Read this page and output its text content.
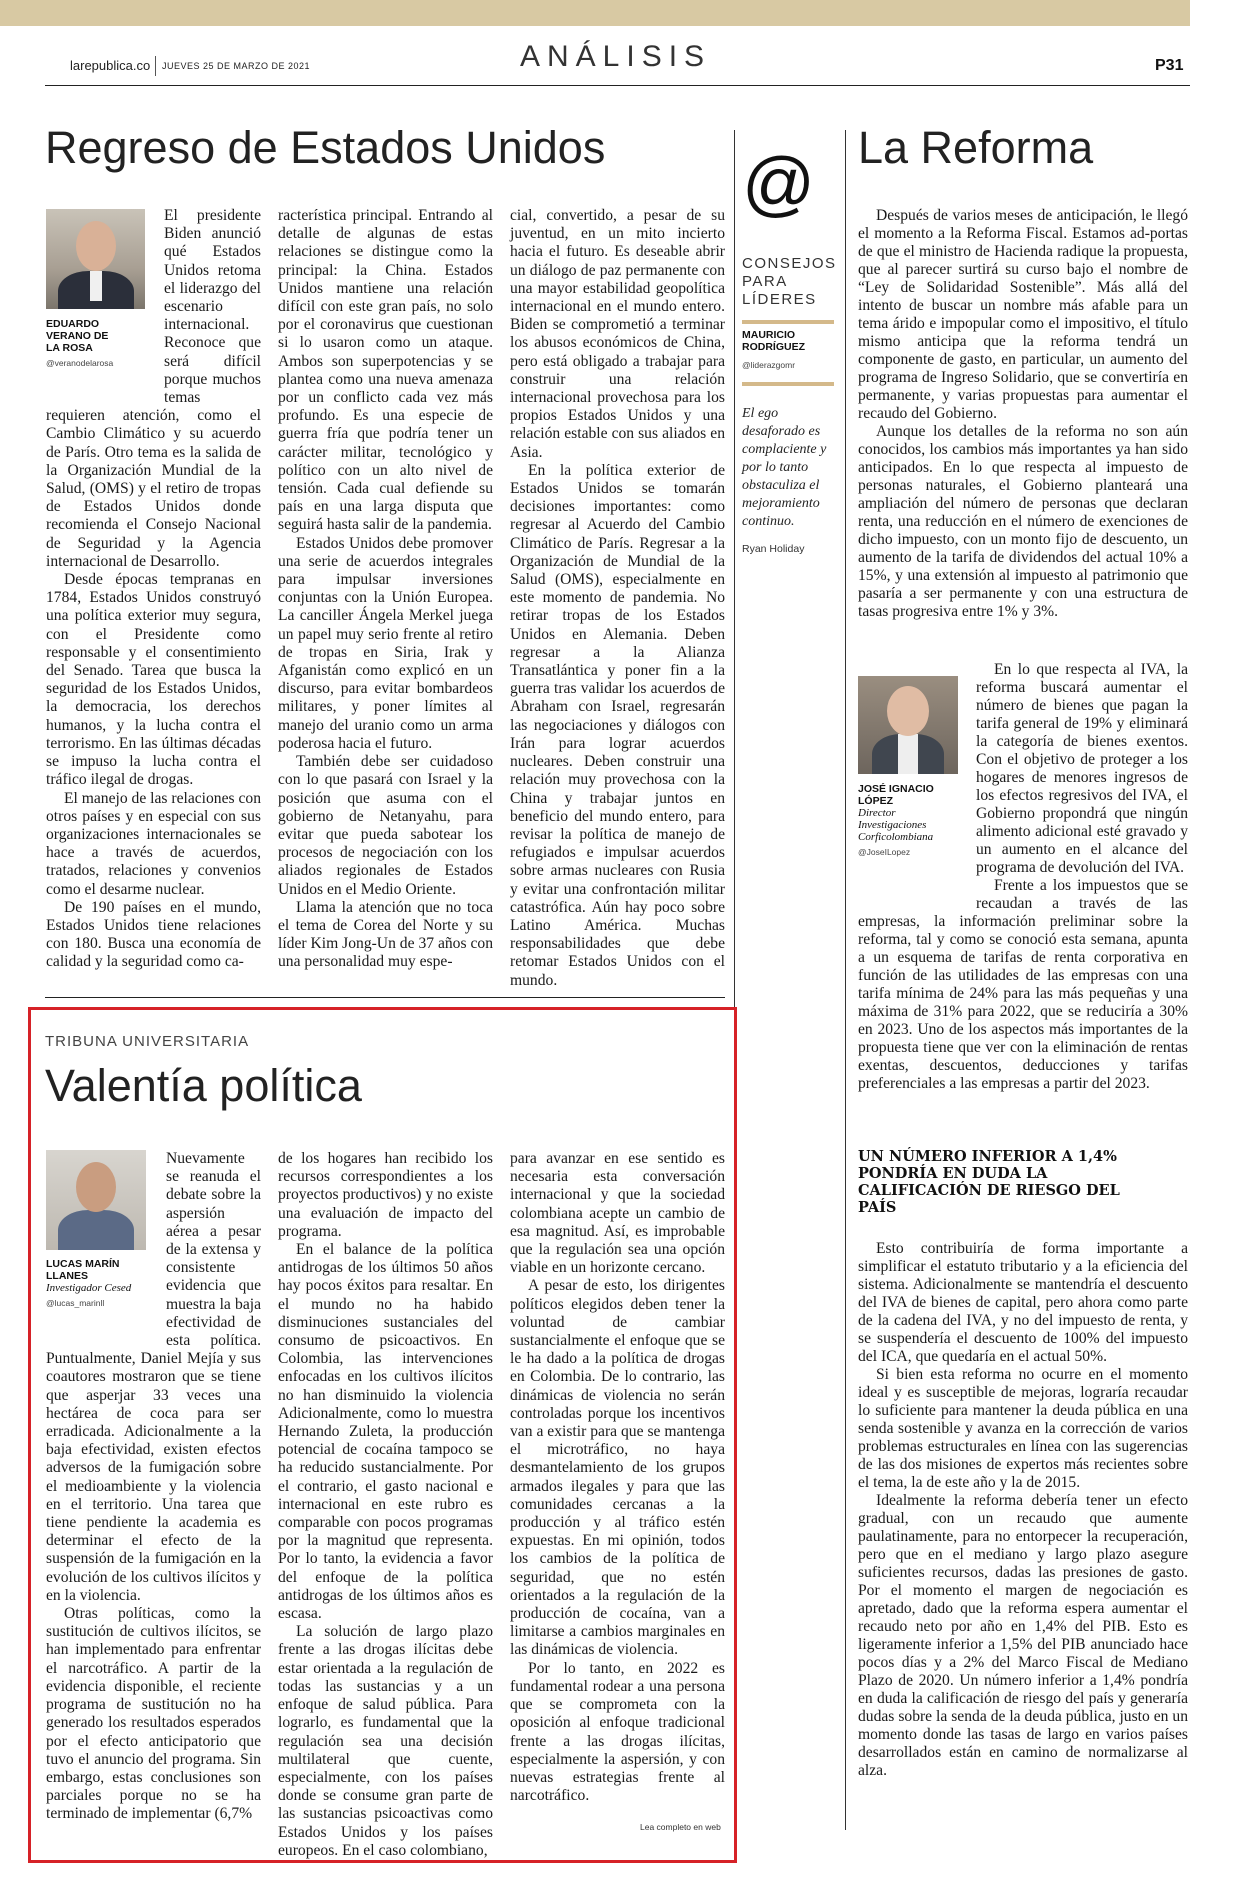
larepublica.co JUEVES 25 DE MARZO DE 2021	ANÁLISIS	P31
Regreso de Estados Unidos
EDUARDO
VERANO DE
LA ROSA
@veranodelarosa

El presidente Biden anunció qué Estados Unidos retoma el liderazgo del escenario internacional. Reconoce que será difícil porque muchos temas requieren atención, como el Cambio Climático y su acuerdo de París. Otro tema es la salida de la Organización Mundial de la Salud, (OMS) y el retiro de tropas de Estados Unidos donde recomienda el Consejo Nacional de Seguridad y la Agencia internacional de Desarrollo.

Desde épocas tempranas en 1784, Estados Unidos construyó una política exterior muy segura, con el Presidente como responsable y el consentimiento del Senado. Tarea que busca la seguridad de los Estados Unidos, la democracia, los derechos humanos, y la lucha contra el terrorismo. En las últimas décadas se impuso la lucha contra el tráfico ilegal de drogas.

El manejo de las relaciones con otros países y en especial con sus organizaciones internacionales se hace a través de acuerdos, tratados, relaciones y convenios como el desarme nuclear.

De 190 países en el mundo, Estados Unidos tiene relaciones con 180. Busca una economía de calidad y la seguridad como ca-

racterística principal. Entrando al detalle de algunas de estas relaciones se distingue como la principal: la China. Estados Unidos mantiene una relación difícil con este gran país, no solo por el coronavirus que cuestionan si lo usaron como un ataque. Ambos son superpotencias y se plantea como una nueva amenaza por un conflicto cada vez más profundo. Es una especie de guerra fría que podría tener un carácter militar, tecnológico y político con un alto nivel de tensión. Cada cual defiende su país en una larga disputa que seguirá hasta salir de la pandemia.

Estados Unidos debe promover una serie de acuerdos integrales para impulsar inversiones conjuntas con la Unión Europea. La canciller Ángela Merkel juega un papel muy serio frente al retiro de tropas en Siria, Irak y Afganistán como explicó en un discurso, para evitar bombardeos militares, y poner límites al manejo del uranio como un arma poderosa hacia el futuro.

También debe ser cuidadoso con lo que pasará con Israel y la posición que asuma con el gobierno de Netanyahu, para evitar que pueda sabotear los procesos de negociación con los aliados regionales de Estados Unidos en el Medio Oriente.

Llama la atención que no toca el tema de Corea del Norte y su líder Kim Jong-Un de 37 años con una personalidad muy espe-

cial, convertido, a pesar de su juventud, en un mito incierto hacia el futuro. Es deseable abrir un diálogo de paz permanente con una mayor estabilidad geopolítica internacional en el mundo entero. Biden se comprometió a terminar los abusos económicos de China, pero está obligado a trabajar para construir una relación internacional provechosa para los propios Estados Unidos y una relación estable con sus aliados en Asia.

En la política exterior de Estados Unidos se tomarán decisiones importantes: como regresar al Acuerdo del Cambio Climático de París. Regresar a la Organización de Mundial de la Salud (OMS), especialmente en este momento de pandemia. No retirar tropas de los Estados Unidos en Alemania. Deben regresar a la Alianza Transatlántica y poner fin a la guerra tras validar los acuerdos de Abraham con Israel, regresarán las negociaciones y diálogos con Irán para lograr acuerdos nucleares. Deben construir una relación muy provechosa con la China y trabajar juntos en beneficio del mundo entero, para revisar la política de manejo de refugiados e impulsar acuerdos sobre armas nucleares con Rusia y evitar una confrontación militar catastrófica. Aún hay poco sobre Latino América. Muchas responsabilidades que debe retomar Estados Unidos con el mundo.

@
CONSEJOS
PARA
LÍDERES
MAURICIO
RODRÍGUEZ
@liderazgomr
El ego desaforado es complaciente y por lo tanto obstaculiza el mejoramiento continuo.
Ryan Holiday
La Reforma

Después de varios meses de anticipación, le llegó el momento a la Reforma Fiscal. Estamos ad-portas de que el ministro de Hacienda radique la propuesta, que al parecer surtirá su curso bajo el nombre de “Ley de Solidaridad Sostenible”. Más allá del intento de buscar un nombre más afable para un tema árido e impopular como el impositivo, el título mismo anticipa que la reforma tendrá un componente de gasto, en particular, un aumento del programa de Ingreso Solidario, que se convertiría en permanente, y varias propuestas para aumentar el recaudo del Gobierno.

Aunque los detalles de la reforma no son aún conocidos, los cambios más importantes ya han sido anticipados. En lo que respecta al impuesto de personas naturales, el Gobierno planteará una ampliación del número de personas que declaran renta, una reducción en el número de exenciones de dicho impuesto, con un monto fijo de descuento, un aumento de la tarifa de dividendos del actual 10% a 15%, y una extensión al impuesto al patrimonio que pasaría a ser permanente y con una estructura de tasas progresiva entre 1% y 3%.

JOSÉ IGNACIO
LÓPEZ
Director
Investigaciones
Corficolombiana
@JoseILopez

En lo que respecta al IVA, la reforma buscará aumentar el número de bienes que pagan la tarifa general de 19% y eliminará la categoría de bienes exentos. Con el objetivo de proteger a los hogares de menores ingresos de los efectos regresivos del IVA, el Gobierno propondrá que ningún alimento adicional esté gravado y un aumento en el alcance del programa de devolución del IVA.

Frente a los impuestos que se recaudan a través de las empresas, la información preliminar sobre la reforma, tal y como se conoció esta semana, apunta a un esquema de tarifas de renta corporativa en función de las utilidades de las empresas con una tarifa mínima de 24% para las más pequeñas y una máxima de 31% para 2022, que se reduciría a 30% en 2023. Uno de los aspectos más importantes de la propuesta tiene que ver con la eliminación de rentas exentas, descuentos, deducciones y tarifas preferenciales a las empresas a partir del 2023.

UN NÚMERO INFERIOR A 1,4% PONDRÍA EN DUDA LA CALIFICACIÓN DE RIESGO DEL PAÍS

Esto contribuiría de forma importante a simplificar el estatuto tributario y a la eficiencia del sistema. Adicionalmente se mantendría el descuento del IVA de bienes de capital, pero ahora como parte de la cadena del IVA, y no del impuesto de renta, y se suspendería el descuento de 100% del impuesto del ICA, que quedaría en el actual 50%.

Si bien esta reforma no ocurre en el momento ideal y es susceptible de mejoras, lograría recaudar lo suficiente para mantener la deuda pública en una senda sostenible y avanza en la corrección de varios problemas estructurales en línea con las sugerencias de las dos misiones de expertos más recientes sobre el tema, la de este año y la de 2015.

Idealmente la reforma debería tener un efecto gradual, con un recaudo que aumente paulatinamente, para no entorpecer la recuperación, pero que en el mediano y largo plazo asegure suficientes recursos, dadas las presiones de gasto. Por el momento el margen de negociación es apretado, dado que la reforma espera aumentar el recaudo neto por año en 1,4% del PIB. Esto es ligeramente inferior a 1,5% del PIB anunciado hace pocos días y a 2% del Marco Fiscal de Mediano Plazo de 2020. Un número inferior a 1,4% pondría en duda la calificación de riesgo del país y generaría dudas sobre la senda de la deuda pública, justo en un momento donde las tasas de largo en varios países desarrollados están en camino de normalizarse al alza.

TRIBUNA UNIVERSITARIA
Valentía política
LUCAS MARÍN
LLANES
Investigador Cesed
@lucas_marinll

Nuevamente se reanuda el debate sobre la aspersión aérea a pesar de la extensa y consistente evidencia que muestra la baja efectividad de esta política. Puntualmente, Daniel Mejía y sus coautores mostraron que se tiene que asperjar 33 veces una hectárea de coca para ser erradicada. Adicionalmente a la baja efectividad, existen efectos adversos de la fumigación sobre el medioambiente y la violencia en el territorio. Una tarea que tiene pendiente la academia es determinar el efecto de la suspensión de la fumigación en la evolución de los cultivos ilícitos y en la violencia.

Otras políticas, como la sustitución de cultivos ilícitos, se han implementado para enfrentar el narcotráfico. A partir de la evidencia disponible, el reciente programa de sustitución no ha generado los resultados esperados por el efecto anticipatorio que tuvo el anuncio del programa. Sin embargo, estas conclusiones son parciales porque no se ha terminado de implementar (6,7%

de los hogares han recibido los recursos correspondientes a los proyectos productivos) y no existe una evaluación de impacto del programa.

En el balance de la política antidrogas de los últimos 50 años hay pocos éxitos para resaltar. En el mundo no ha habido disminuciones sustanciales del consumo de psicoactivos. En Colombia, las intervenciones enfocadas en los cultivos ilícitos no han disminuido la violencia Adicionalmente, como lo muestra Hernando Zuleta, la producción potencial de cocaína tampoco se ha reducido sustancialmente. Por el contrario, el gasto nacional e internacional en este rubro es comparable con pocos programas por la magnitud que representa. Por lo tanto, la evidencia a favor del enfoque de la política antidrogas de los últimos años es escasa.

La solución de largo plazo frente a las drogas ilícitas debe estar orientada a la regulación de todas las sustancias y a un enfoque de salud pública. Para lograrlo, es fundamental que la regulación sea una decisión multilateral que cuente, especialmente, con los países donde se consume gran parte de las sustancias psicoactivas como Estados Unidos y los países europeos. En el caso colombiano,

para avanzar en ese sentido es necesaria esta conversación internacional y que la sociedad colombiana acepte un cambio de esa magnitud. Así, es improbable que la regulación sea una opción viable en un horizonte cercano.

A pesar de esto, los dirigentes políticos elegidos deben tener la voluntad de cambiar sustancialmente el enfoque que se le ha dado a la política de drogas en Colombia. De lo contrario, las dinámicas de violencia no serán controladas porque los incentivos van a existir para que se mantenga el microtráfico, no haya desmantelamiento de los grupos armados ilegales y para que las comunidades cercanas a la producción y al tráfico estén expuestas. En mi opinión, todos los cambios de la política de seguridad, que no estén orientados a la regulación de la producción de cocaína, van a limitarse a cambios marginales en las dinámicas de violencia.

Por lo tanto, en 2022 es fundamental rodear a una persona que se comprometa con la oposición al enfoque tradicional frente a las drogas ilícitas, especialmente la aspersión, y con nuevas estrategias frente al narcotráfico.

Lea completo en web
